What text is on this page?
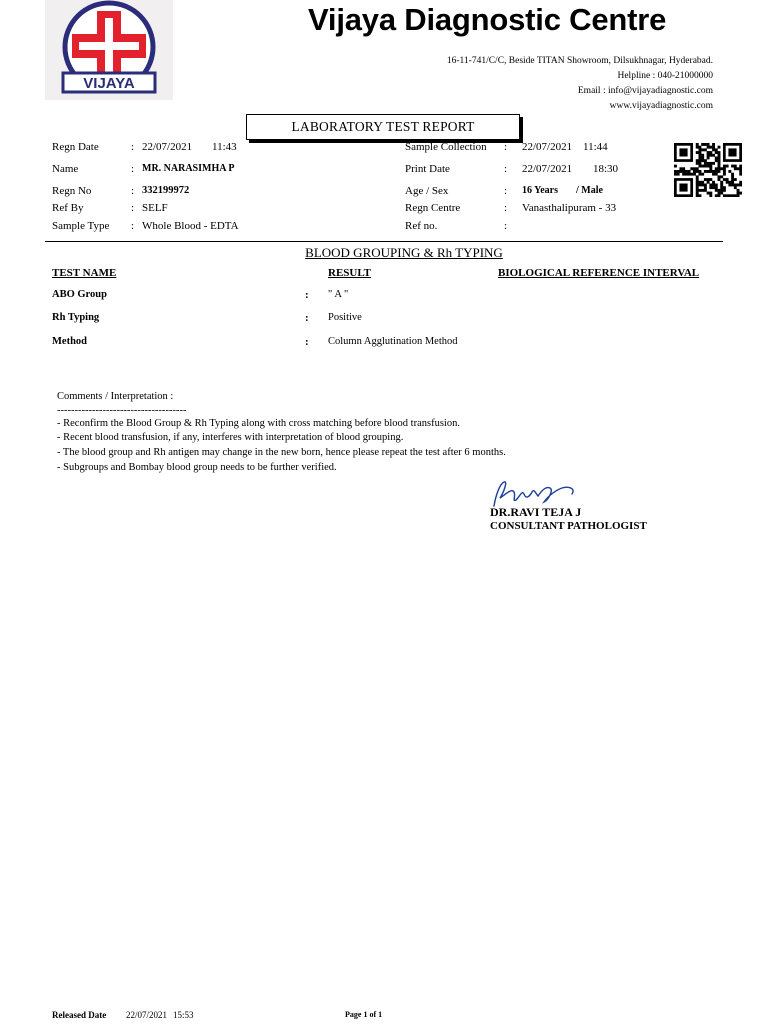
VIJAYA
Vijaya Diagnostic Centre
16-11-741/C/C, Beside TITAN Showroom, Dilsukhnagar, Hyderabad.
Helpline : 040-21000000
Email : info@vijayadiagnostic.com
www.vijayadiagnostic.com
LABORATORY TEST REPORT
Regn Date	: 22/07/2021 11:43
Name	: MR. NARASIMHA P
Regn No	: 332199972
Ref By	: SELF
Sample Type : Whole Blood - EDTA
Sample Collection : 22/07/2021 11:44
Print Date	: 22/07/2021 18:30
Age / Sex	: 16 Years / Male
Regn Centre	: Vanasthalipuram - 33
Ref no.	:
BLOOD GROUPING & Rh TYPING
TEST NAME	RESULT	BIOLOGICAL REFERENCE INTERVAL
ABO Group	: " A "
Rh Typing	: Positive
Method	: Column Agglutination Method
Comments / Interpretation :
-------------------------------------
- Reconfirm the Blood Group & Rh Typing along with cross matching before blood transfusion.
- Recent blood transfusion, if any, interferes with interpretation of blood grouping.
- The blood group and Rh antigen may change in the new born, hence please repeat the test after 6 months.
- Subgroups and Bombay blood group needs to be further verified.
DR.RAVI TEJA J
CONSULTANT PATHOLOGIST
Released Date 22/07/2021 15:53	Page 1 of 1
